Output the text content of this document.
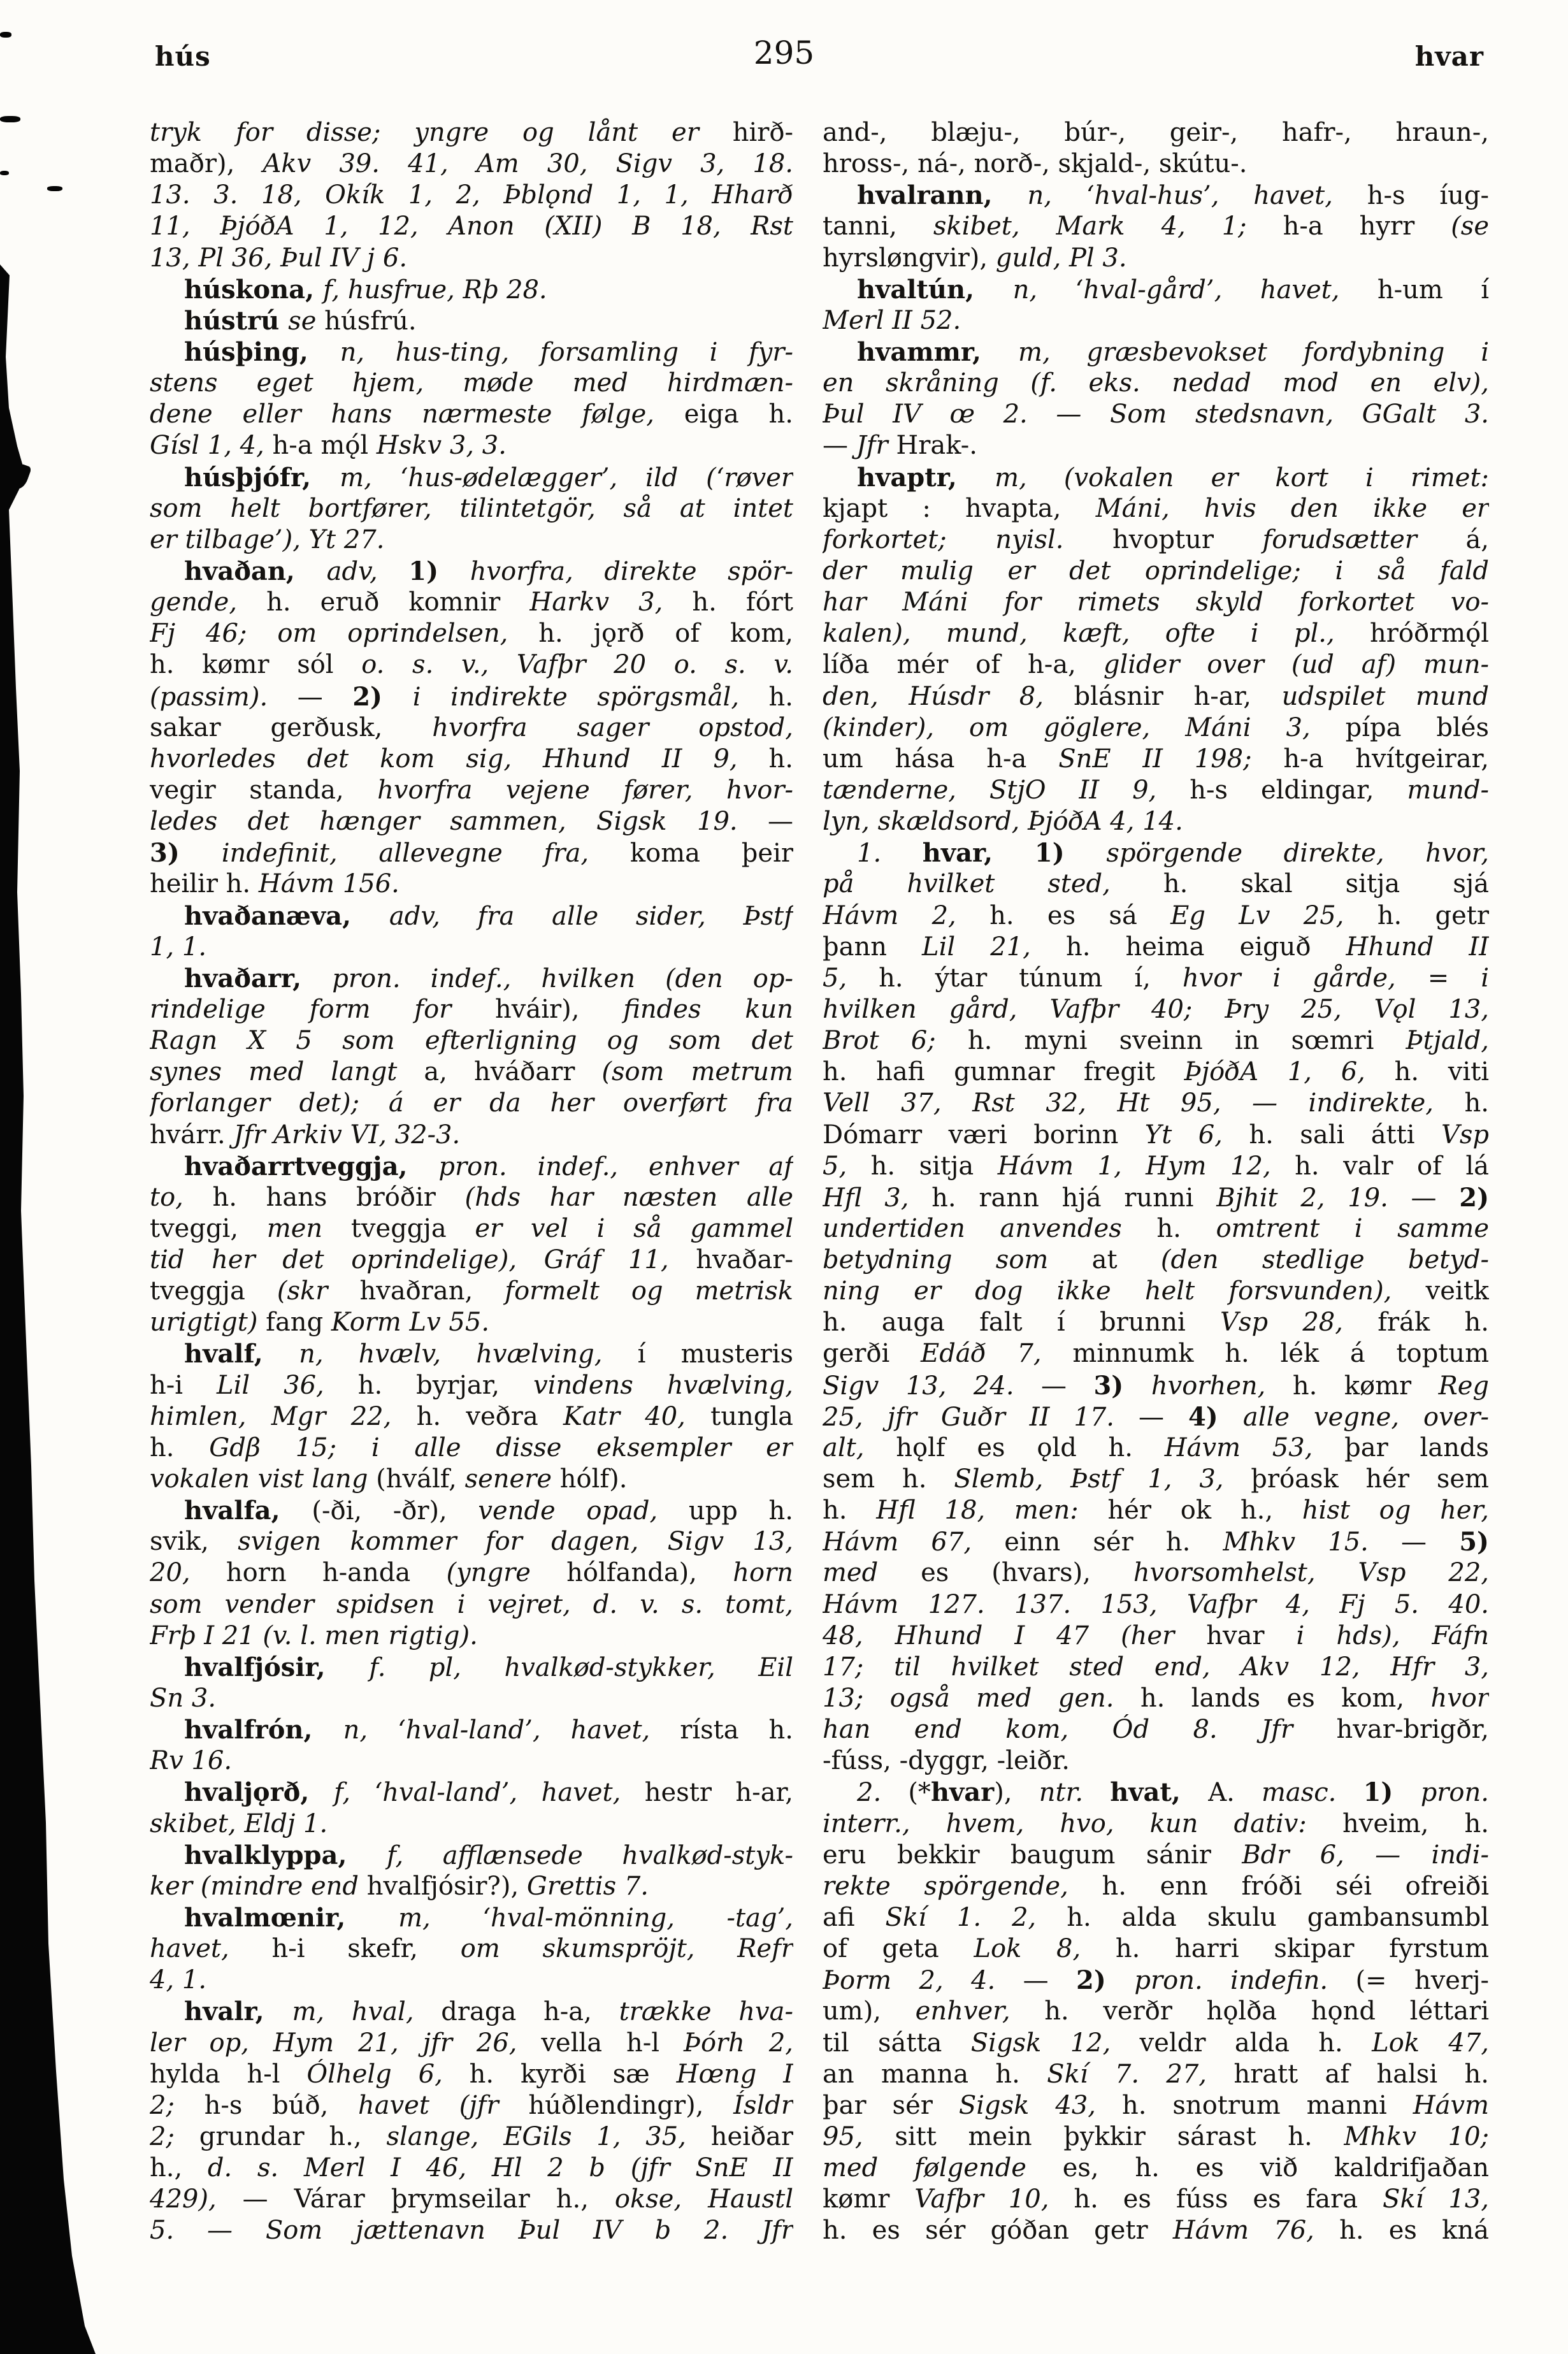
hús	295	hvar
tryk for disse; yngre og lånt er hirð-
maðr), Akv 39. 41, Am 30, Sigv 3, 18.
13. 3. 18, Okík 1, 2, Þblǫnd 1, 1, Hharð
11, ÞjóðA 1, 12, Anon (XII) B 18, Rst
13, Pl 36, Þul IV j 6.
húskona, f, husfrue, Rþ 28.
hústrú se húsfrú.
húsþing, n, hus-ting, forsamling i fyr-
stens eget hjem, møde med hirdmæn-
dene eller hans nærmeste følge, eiga h.
Gísl 1, 4, h-a mǫ́l Hskv 3, 3.
húsþjófr, m, ‘hus-ødelægger’, ild (‘røver
som helt bortfører, tilintetgör, så at intet
er tilbage’), Yt 27.
hvaðan, adv, 1) hvorfra, direkte spör-
gende, h. eruð komnir Harkv 3, h. fórt
Fj 46; om oprindelsen, h. jǫrð of kom,
h. kømr sól o. s. v., Vafþr 20 o. s. v.
(passim). — 2) i indirekte spörgsmål, h.
sakar gerðusk, hvorfra sager opstod,
hvorledes det kom sig, Hhund II 9, h.
vegir standa, hvorfra vejene fører, hvor-
ledes det hænger sammen, Sigsk 19. —
3) indefinit, allevegne fra, koma þeir
heilir h. Hávm 156.
hvaðanæva, adv, fra alle sider, Þstf
1, 1.
hvaðarr, pron. indef., hvilken (den op-
rindelige form for hváir), findes kun
Ragn X 5 som efterligning og som det
synes med langt a, hváðarr (som metrum
forlanger det); á er da her overført fra
hvárr. Jfr Arkiv VI, 32-3.
hvaðarrtveggja, pron. indef., enhver af
to, h. hans bróðir (hds har næsten alle
tveggi, men tveggja er vel i så gammel
tid her det oprindelige), Gráf 11, hvaðar-
tveggja (skr hvaðran, formelt og metrisk
urigtigt) fang Korm Lv 55.
hvalf, n, hvælv, hvælving, í musteris
h-i Lil 36, h. byrjar, vindens hvælving,
himlen, Mgr 22, h. veðra Katr 40, tungla
h. Gdβ 15; i alle disse eksempler er
vokalen vist lang (hválf, senere hólf).
hvalfa, (-ði, -ðr), vende opad, upp h.
svik, svigen kommer for dagen, Sigv 13,
20, horn h-anda (yngre hólfanda), horn
som vender spidsen i vejret, d. v. s. tomt,
Frþ I 21 (v. l. men rigtig).
hvalfjósir, f. pl, hvalkød-stykker, Eil
Sn 3.
hvalfrón, n, ‘hval-land’, havet, rísta h.
Rv 16.
hvaljǫrð, f, ‘hval-land’, havet, hestr h-ar,
skibet, Eldj 1.
hvalklyppa, f, afflænsede hvalkød-styk-
ker (mindre end hvalfjósir?), Grettis 7.
hvalmœnir, m, ‘hval-mönning, -tag’,
havet, h-i skefr, om skumspröjt, Refr
4, 1.
hvalr, m, hval, draga h-a, trække hva-
ler op, Hym 21, jfr 26, vella h-l Þórh 2,
hylda h-l Ólhelg 6, h. kyrði sæ Hœng I
2; h-s búð, havet (jfr húðlendingr), Ísldr
2; grundar h., slange, EGils 1, 35, heiðar
h., d. s. Merl I 46, Hl 2 b (jfr SnE II
429), — Várar þrymseilar h., okse, Haustl
5. — Som jættenavn Þul IV b 2. Jfr
and-, blæju-, búr-, geir-, hafr-, hraun-,
hross-, ná-, norð-, skjald-, skútu-.
hvalrann, n, ‘hval-hus’, havet, h-s íug-
tanni, skibet, Mark 4, 1; h-a hyrr (se
hyrsløngvir), guld, Pl 3.
hvaltún, n, ‘hval-gård’, havet, h-um í
Merl II 52.
hvammr, m, græsbevokset fordybning i
en skråning (f. eks. nedad mod en elv),
Þul IV œ 2. — Som stedsnavn, GGalt 3.
— Jfr Hrak-.
hvaptr, m, (vokalen er kort i rimet:
kjapt : hvapta, Máni, hvis den ikke er
forkortet; nyisl. hvoptur forudsætter á,
der mulig er det oprindelige; i så fald
har Máni for rimets skyld forkortet vo-
kalen), mund, kæft, ofte i pl., hróðrmǫ́l
líða mér of h-a, glider over (ud af) mun-
den, Húsdr 8, blásnir h-ar, udspilet mund
(kinder), om göglere, Máni 3, pípa blés
um hása h-a SnE II 198; h-a hvítgeirar,
tænderne, StjO II 9, h-s eldingar, mund-
lyn, skældsord, ÞjóðA 4, 14.
1. hvar, 1) spörgende direkte, hvor,
på hvilket sted, h. skal sitja sjá
Hávm 2, h. es sá Eg Lv 25, h. getr
þann Lil 21, h. heima eiguð Hhund II
5, h. ýtar túnum í, hvor i gårde, = i
hvilken gård, Vafþr 40; Þry 25, Vǫl 13,
Brot 6; h. myni sveinn in sœmri Þtjald,
h. hafi gumnar fregit ÞjóðA 1, 6, h. viti
Vell 37, Rst 32, Ht 95, — indirekte, h.
Dómarr væri borinn Yt 6, h. sali átti Vsp
5, h. sitja Hávm 1, Hym 12, h. valr of lá
Hfl 3, h. rann hjá runni Bjhit 2, 19. — 2)
undertiden anvendes h. omtrent i samme
betydning som at (den stedlige betyd-
ning er dog ikke helt forsvunden), veitk
h. auga falt í brunni Vsp 28, frák h.
gerði Edáð 7, minnumk h. lék á toptum
Sigv 13, 24. — 3) hvorhen, h. kømr Reg
25, jfr Guðr II 17. — 4) alle vegne, over-
alt, hǫlf es ǫld h. Hávm 53, þar lands
sem h. Slemb, Þstf 1, 3, þróask hér sem
h. Hfl 18, men: hér ok h., hist og her,
Hávm 67, einn sér h. Mhkv 15. — 5)
med es (hvars), hvorsomhelst, Vsp 22,
Hávm 127. 137. 153, Vafþr 4, Fj 5. 40.
48, Hhund I 47 (her hvar i hds), Fáfn
17; til hvilket sted end, Akv 12, Hfr 3,
13; også med gen. h. lands es kom, hvor
han end kom, Ód 8. Jfr hvar-brigðr,
-fúss, -dyggr, -leiðr.
2. (*hvar), ntr. hvat, A. masc. 1) pron.
interr., hvem, hvo, kun dativ: hveim, h.
eru bekkir baugum sánir Bdr 6, — indi-
rekte spörgende, h. enn fróði séi ofreiði
afi Skí 1. 2, h. alda skulu gambansumbl
of geta Lok 8, h. harri skipar fyrstum
Þorm 2, 4. — 2) pron. indefin. (= hverj-
um), enhver, h. verðr hǫlða hǫnd léttari
til sátta Sigsk 12, veldr alda h. Lok 47,
an manna h. Skí 7. 27, hratt af halsi h.
þar sér Sigsk 43, h. snotrum manni Hávm
95, sitt mein þykkir sárast h. Mhkv 10;
med følgende es, h. es við kaldrifjaðan
kømr Vafþr 10, h. es fúss es fara Skí 13,
h. es sér góðan getr Hávm 76, h. es kná
